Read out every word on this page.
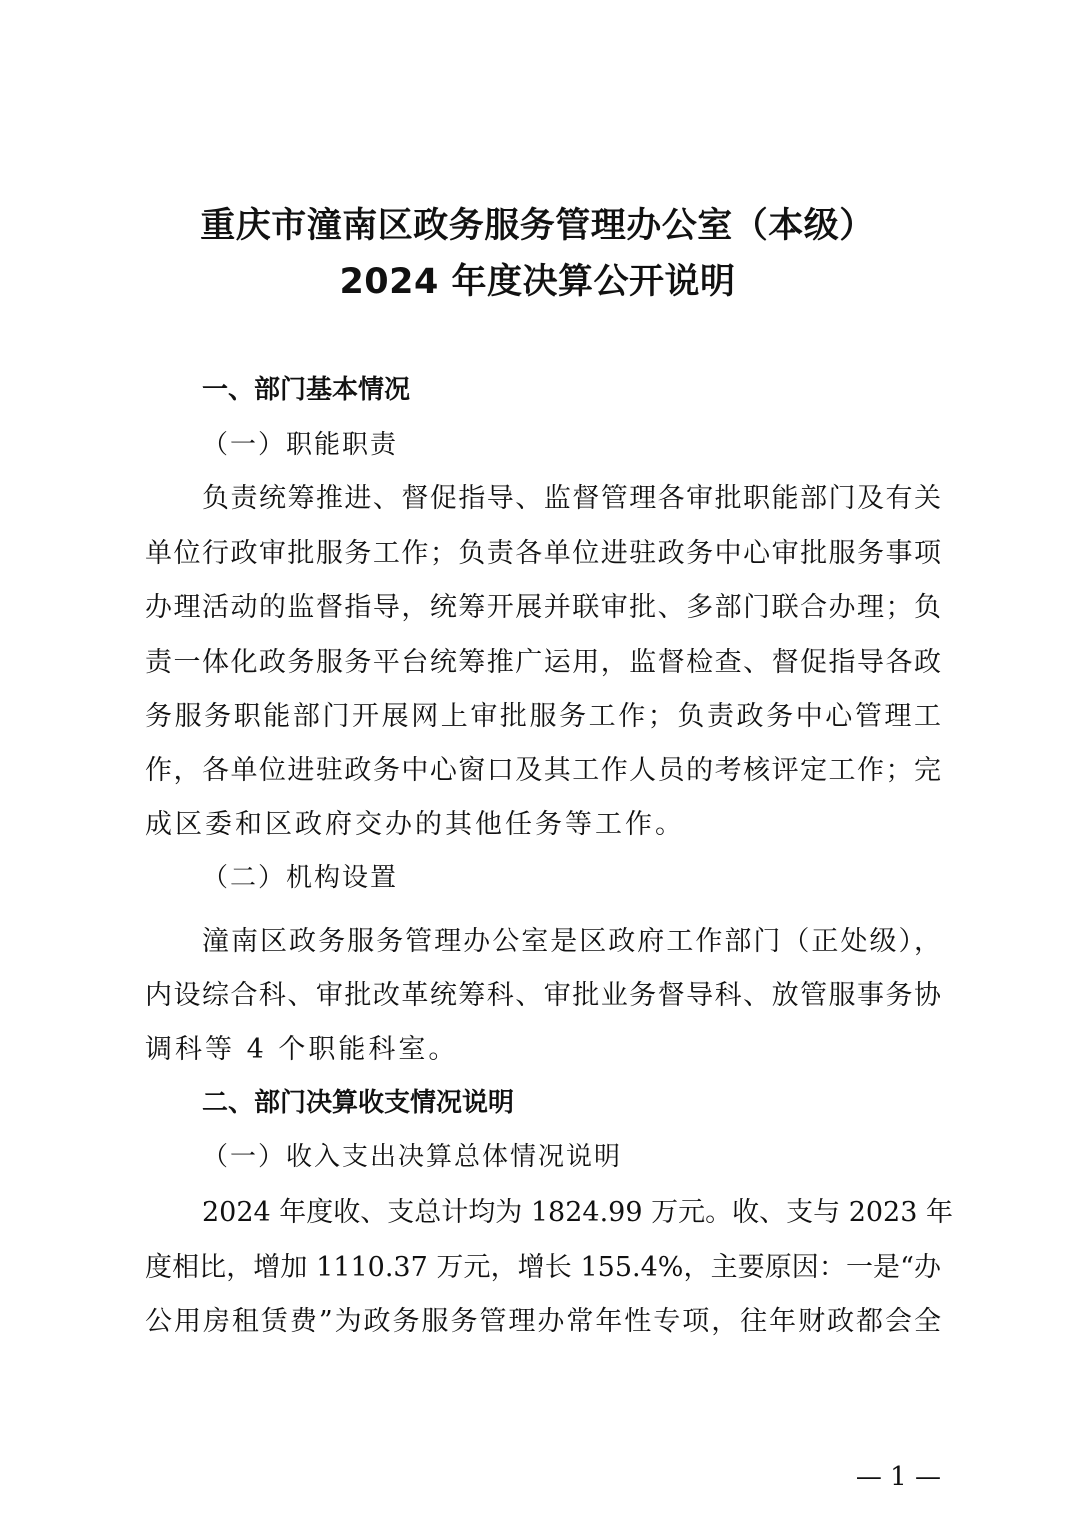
重庆市潼南区政务服务管理办公室（本级）
2024 年度决算公开说明
一、部门基本情况
（一）职能职责
负责统筹推进、督促指导、监督管理各审批职能部门及有关
单位行政审批服务工作；负责各单位进驻政务中心审批服务事项
办理活动的监督指导，统筹开展并联审批、多部门联合办理；负
责一体化政务服务平台统筹推广运用，监督检查、督促指导各政
务服务职能部门开展网上审批服务工作；负责政务中心管理工
作，各单位进驻政务中心窗口及其工作人员的考核评定工作；完
成区委和区政府交办的其他任务等工作。
（二）机构设置
潼南区政务服务管理办公室是区政府工作部门（正处级），
内设综合科、审批改革统筹科、审批业务督导科、放管服事务协
调科等 4 个职能科室。
二、部门决算收支情况说明
（一）收入支出决算总体情况说明
2024 年度收、支总计均为 1824.99 万元。收、支与 2023 年
度相比，增加 1110.37 万元，增长 155.4%，主要原因：一是“办
公用房租赁费”为政务服务管理办常年性专项，往年财政都会全
— 1 —
